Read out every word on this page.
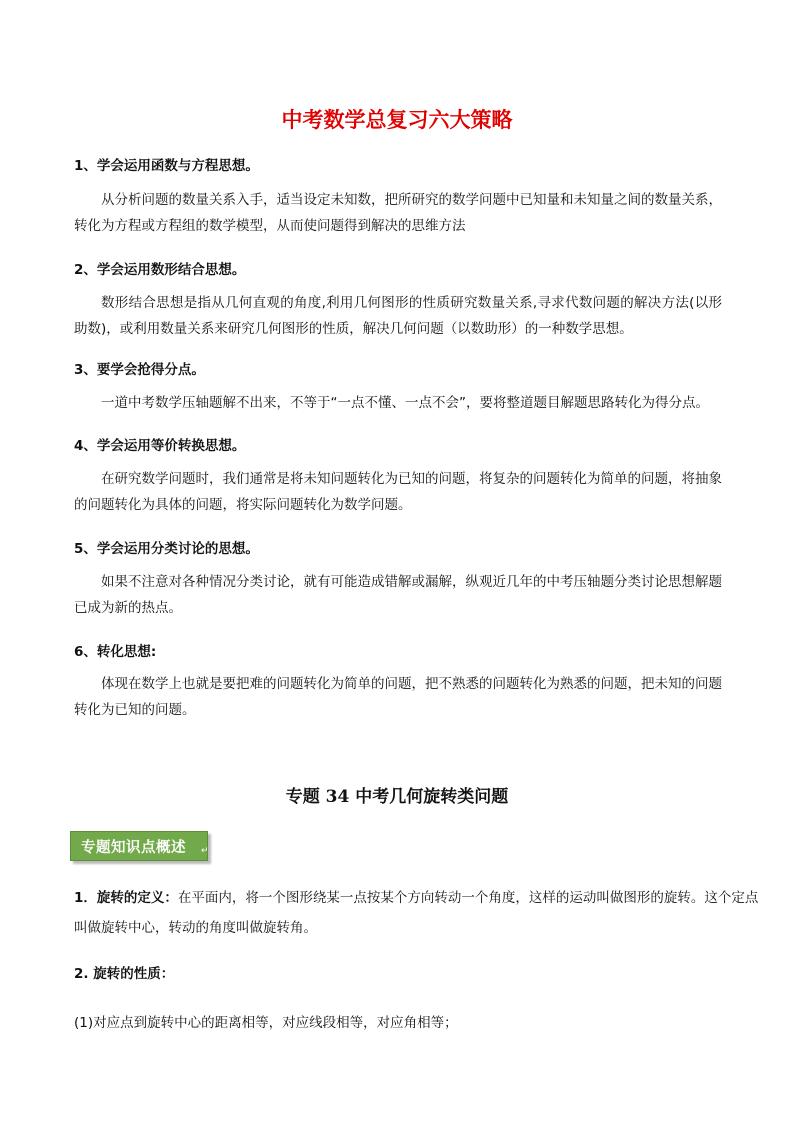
中考数学总复习六大策略
1、学会运用函数与方程思想。
从分析问题的数量关系入手，适当设定未知数，把所研究的数学问题中已知量和未知量之间的数量关系，转化为方程或方程组的数学模型，从而使问题得到解决的思维方法
2、学会运用数形结合思想。
数形结合思想是指从几何直观的角度,利用几何图形的性质研究数量关系,寻求代数问题的解决方法(以形助数)，或利用数量关系来研究几何图形的性质，解决几何问题（以数助形）的一种数学思想。
3、要学会抢得分点。
一道中考数学压轴题解不出来，不等于“一点不懂、一点不会”，要将整道题目解题思路转化为得分点。
4、学会运用等价转换思想。
在研究数学问题时，我们通常是将未知问题转化为已知的问题，将复杂的问题转化为简单的问题，将抽象的问题转化为具体的问题，将实际问题转化为数学问题。
5、学会运用分类讨论的思想。
如果不注意对各种情况分类讨论，就有可能造成错解或漏解，纵观近几年的中考压轴题分类讨论思想解题已成为新的热点。
6、转化思想:
体现在数学上也就是要把难的问题转化为简单的问题，把不熟悉的问题转化为熟悉的问题，把未知的问题转化为已知的问题。
专题 34 中考几何旋转类问题
专题知识点概述 ↵
1．旋转的定义：在平面内，将一个图形绕某一点按某个方向转动一个角度，这样的运动叫做图形的旋转。这个定点叫做旋转中心，转动的角度叫做旋转角。
2. 旋转的性质：
(1)对应点到旋转中心的距离相等，对应线段相等，对应角相等；
